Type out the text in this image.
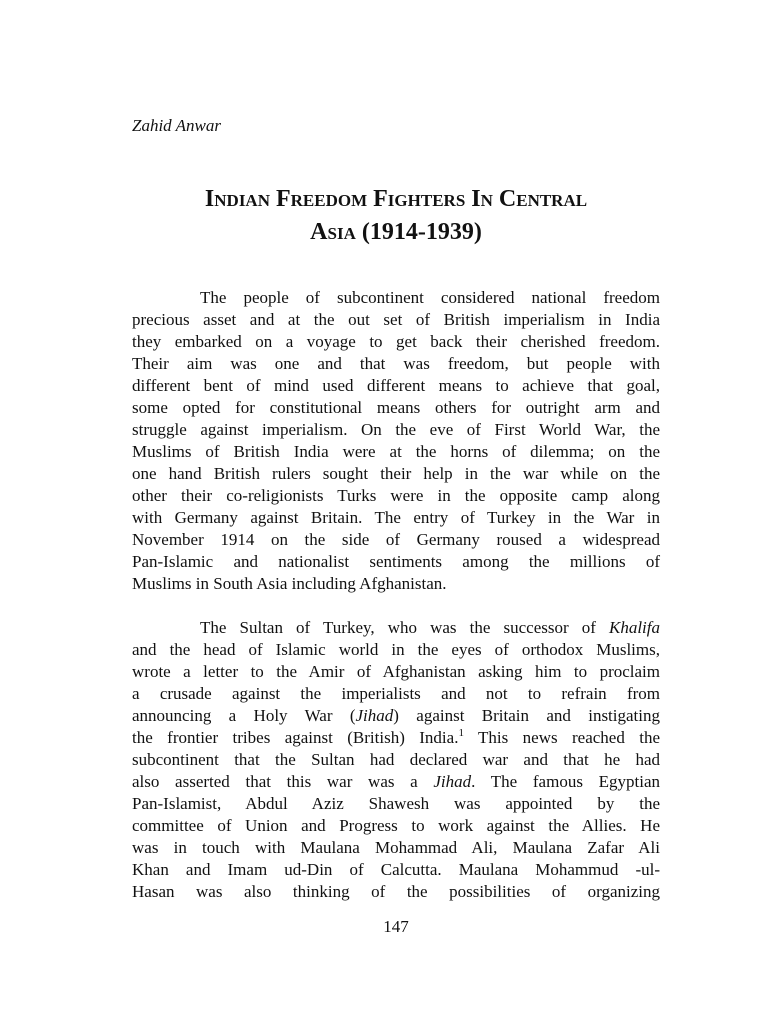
Zahid Anwar
Indian Freedom Fighters In Central
Asia (1914-1939)
The people of subcontinent considered national freedom
precious asset and at the out set of British imperialism in India
they embarked on a voyage to get back their cherished freedom.
Their aim was one and that was freedom, but people with
different bent of mind used different means to achieve that goal,
some opted for constitutional means others for outright arm and
struggle against imperialism. On the eve of First World War, the
Muslims of British India were at the horns of dilemma; on the
one hand British rulers sought their help in the war while on the
other their co-religionists Turks were in the opposite camp along
with Germany against Britain. The entry of Turkey in the War in
November 1914 on the side of Germany roused a widespread
Pan-Islamic and nationalist sentiments among the millions of
Muslims in South Asia including Afghanistan.
The Sultan of Turkey, who was the successor of Khalifa
and the head of Islamic world in the eyes of orthodox Muslims,
wrote a letter to the Amir of Afghanistan asking him to proclaim
a crusade against the imperialists and not to refrain from
announcing a Holy War (Jihad) against Britain and instigating
the frontier tribes against (British) India.$^1$ This news reached the
subcontinent that the Sultan had declared war and that he had
also asserted that this war was a Jihad. The famous Egyptian
Pan-Islamist, Abdul Aziz Shawesh was appointed by the
committee of Union and Progress to work against the Allies. He
was in touch with Maulana Mohammad Ali, Maulana Zafar Ali
Khan and Imam ud-Din of Calcutta. Maulana Mohammud -ul-
Hasan was also thinking of the possibilities of organizing
147
